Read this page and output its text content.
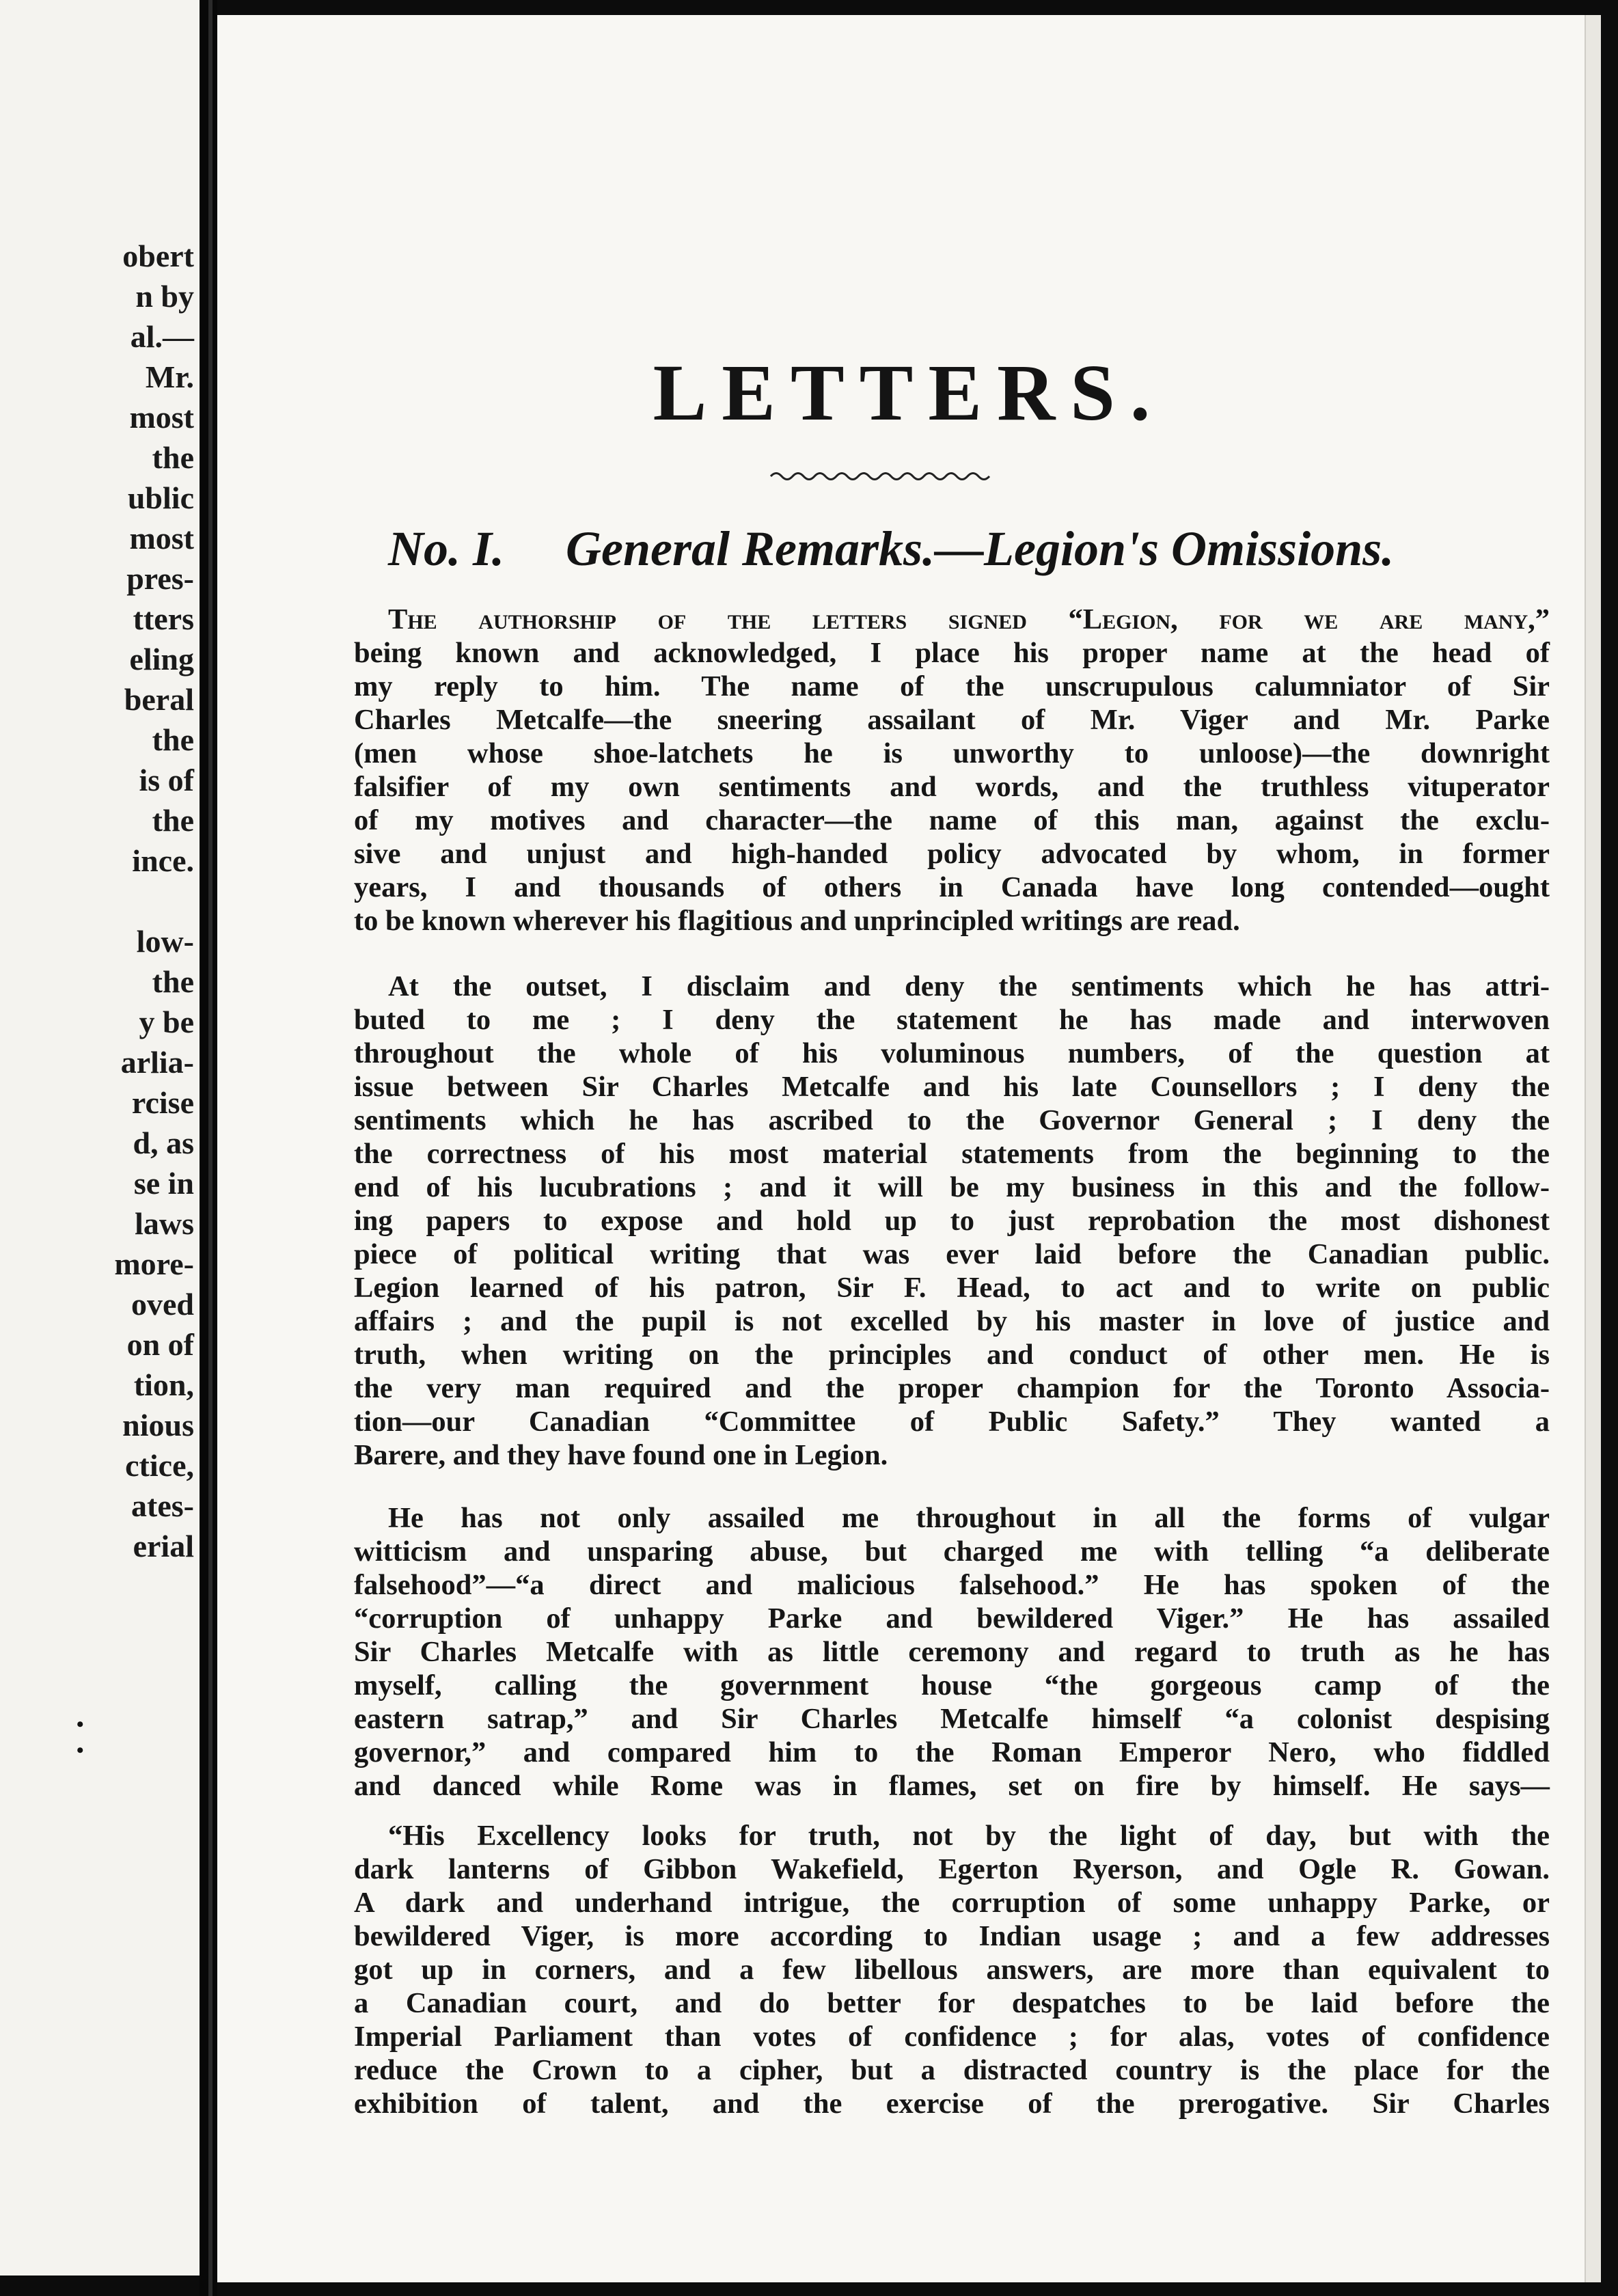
obert
n by
al.—
Mr.
most
the
ublic
most
pres-
tters
eling
beral
the
is of
the
ince.

low-
the
y be
arlia-
rcise
d, as
se in
laws
more-
oved
on of
tion,
nious
ctice,
ates-
erial
•
•
LETTERS.
No. I. General Remarks.—Legion's Omissions.
The authorship of the letters signed “Legion, for we are many,”
being known and acknowledged, I place his proper name at the head of
my reply to him. The name of the unscrupulous calumniator of Sir
Charles Metcalfe—the sneering assailant of Mr. Viger and Mr. Parke
(men whose shoe-latchets he is unworthy to unloose)—the downright
falsifier of my own sentiments and words, and the truthless vituperator
of my motives and character—the name of this man, against the exclu-
sive and unjust and high-handed policy advocated by whom, in former
years, I and thousands of others in Canada have long contended—ought
to be known wherever his flagitious and unprincipled writings are read.
At the outset, I disclaim and deny the sentiments which he has attri-
buted to me ; I deny the statement he has made and interwoven
throughout the whole of his voluminous numbers, of the question at
issue between Sir Charles Metcalfe and his late Counsellors ; I deny the
sentiments which he has ascribed to the Governor General ; I deny the
the correctness of his most material statements from the beginning to the
end of his lucubrations ; and it will be my business in this and the follow-
ing papers to expose and hold up to just reprobation the most dishonest
piece of political writing that was ever laid before the Canadian public.
Legion learned of his patron, Sir F. Head, to act and to write on public
affairs ; and the pupil is not excelled by his master in love of justice and
truth, when writing on the principles and conduct of other men. He is
the very man required and the proper champion for the Toronto Associa-
tion—our Canadian “Committee of Public Safety.” They wanted a
Barere, and they have found one in Legion.
He has not only assailed me throughout in all the forms of vulgar
witticism and unsparing abuse, but charged me with telling “a deliberate
falsehood”—“a direct and malicious falsehood.” He has spoken of the
“corruption of unhappy Parke and bewildered Viger.” He has assailed
Sir Charles Metcalfe with as little ceremony and regard to truth as he has
myself, calling the government house “the gorgeous camp of the
eastern satrap,” and Sir Charles Metcalfe himself “a colonist despising
governor,” and compared him to the Roman Emperor Nero, who fiddled
and danced while Rome was in flames, set on fire by himself. He says—
“His Excellency looks for truth, not by the light of day, but with the
dark lanterns of Gibbon Wakefield, Egerton Ryerson, and Ogle R. Gowan.
A dark and underhand intrigue, the corruption of some unhappy Parke, or
bewildered Viger, is more according to Indian usage ; and a few addresses
got up in corners, and a few libellous answers, are more than equivalent to
a Canadian court, and do better for despatches to be laid before the
Imperial Parliament than votes of confidence ; for alas, votes of confidence
reduce the Crown to a cipher, but a distracted country is the place for the
exhibition of talent, and the exercise of the prerogative. Sir Charles
